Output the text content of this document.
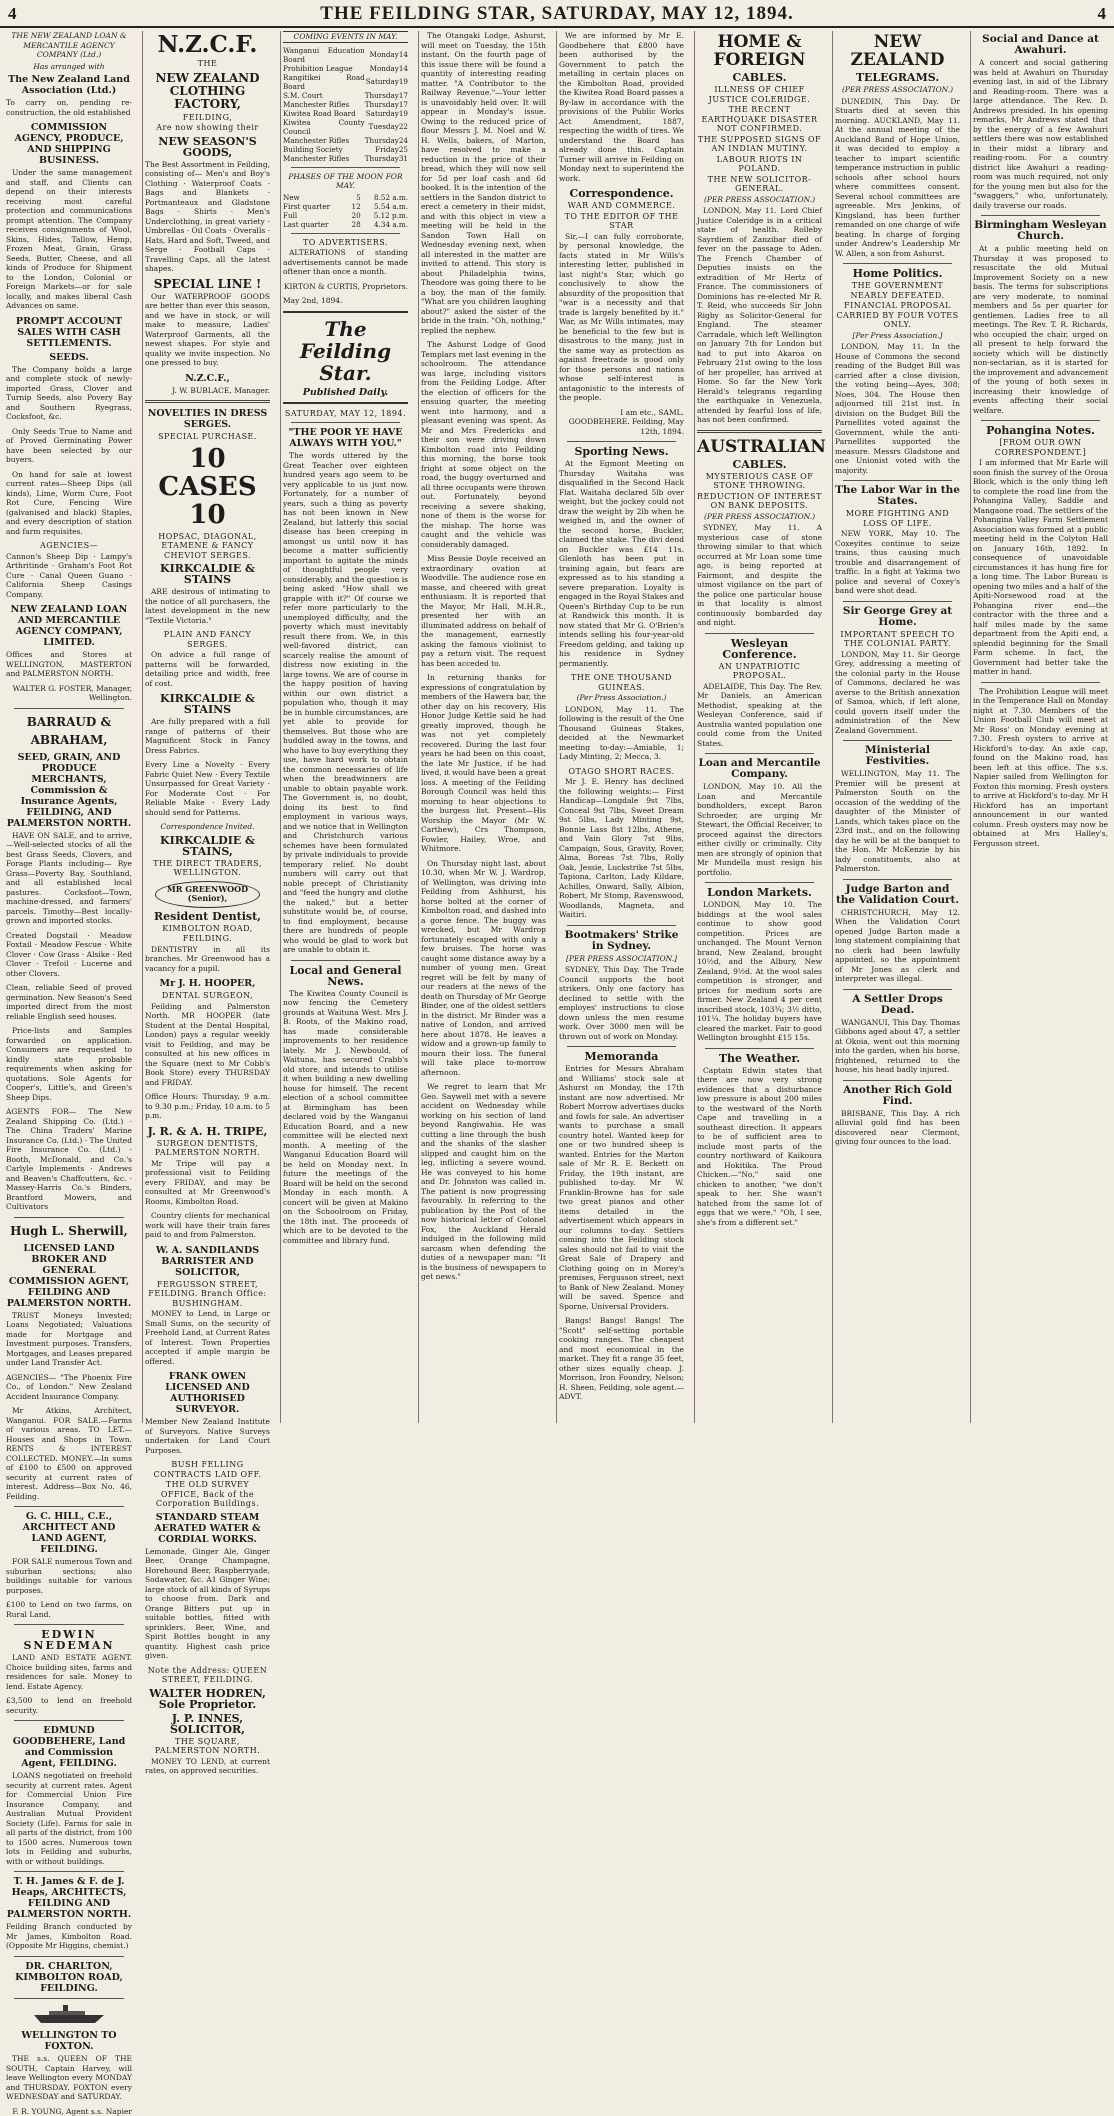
4	THE FEILDING STAR, SATURDAY, MAY 12, 1894.	4
THE NEW ZEALAND LOAN & MERCANTILE AGENCY COMPANY (Ltd.)
Has arranged with
The New Zealand Land Association (Ltd.)
To carry on, pending re-construction, the old established
COMMISSION AGENCY, PRODUCE, AND SHIPPING BUSINESS.
Under the same management and staff, and Clients can depend on their interests receiving most careful protection and communications prompt attention. The Company receives consignments of Wool, Skins, Hides, Tallow, Hemp, Frozen Meat, Grain, Grass Seeds, Butter, Cheese, and all kinds of Produce for Shipment to the London, Colonial or Foreign Markets—or for sale locally, and makes liberal Cash Advances on same.
PROMPT ACCOUNT SALES WITH CASH SETTLEMENTS.
SEEDS.
The Company holds a large and complete stock of newly-imported Grass, Clover and Turnip Seeds, also Povery Bay and Southern Ryegrass, Cocksfoot, &c.
Only Seeds True to Name and of Proved Germinating Power have been selected by our buyers.
On hand for sale at lowest current rates—Sheep Dips (all kinds), Lime, Worm Cure, Foot Rot Cure, Fencing Wire (galvanised and black) Staples, and every description of station and farm requisites.
AGENCIES—
Cannon's Sheep Dip · Lampy's Arthritinde · Graham's Foot Rot Cure · Canal Queen Guano · California Sheep Casings Company.
NEW ZEALAND LOAN AND MERCANTILE AGENCY COMPANY, LIMITED.
Offices and Stores at WELLINGTON, MASTERTON and PALMERSTON NORTH.
WALTER G. FOSTER, Manager, Wellington.
BARRAUD & ABRAHAM,
SEED, GRAIN, AND PRODUCE MERCHANTS, Commission & Insurance Agents, FEILDING, AND PALMERSTON NORTH.
HAVE ON SALE, and to arrive,—Well-selected stocks of all the best Grass Seeds, Clovers, and Forage Plants including— Rye Grass—Poverty Bay, Southland, and all established local pastures. Cocksfoot—Town, machine-dressed, and farmers' parcels. Timothy—Best locally-grown and imported stocks.
Created Dogstail · Meadow Foxtail · Meadow Fescue · White Clover · Cow Grass · Alsike · Red Clover · Trefoil · Lucerne and other Clovers.
Clean, reliable Seed of proved germination. New Season's Seed imported direct from the most reliable English seed houses.
Price-lists and Samples forwarded on application. Consumers are requested to kindly state probable requirements when asking for quotations. Sole Agents for Cooper's, Little's, and Green's Sheep Dips.
AGENTS FOR— The New Zealand Shipping Co. (Ltd.) · The China Traders' Marine Insurance Co. (Ltd.) · The United Fire Insurance Co. (Ltd.) · Booth, McDonald, and Co.'s Carlyle Implements · Andrews and Beaven's Chaffcutters, &c. · Massey-Harris Co.'s Binders, Brantford Mowers, and Cultivators
Hugh L. Sherwill,
LICENSED LAND BROKER AND GENERAL COMMISSION AGENT, FEILDING AND PALMERSTON NORTH.
TRUST Moneys Invested; Loans Negotiated; Valuations made for Mortgage and Investment purposes. Transfers, Mortgages, and Leases prepared under Land Transfer Act.
AGENCIES— "The Phoenix Fire Co., of London." New Zealand Accident Insurance Company.
Mr Atkins, Architect, Wanganui. FOR SALE.—Farms of various areas. TO LET.—Houses and Shops in Town. RENTS & INTEREST COLLECTED. MONEY.—In sums of £100 to £500 on approved security at current rates of interest. Address—Box No. 46, Feilding.
G. C. HILL, C.E., ARCHITECT AND LAND AGENT, FEILDING.
FOR SALE numerous Town and suburban sections; also buildings suitable for various purposes.
£100 to Lend on two farms, on Rural Land.
EDWIN SNEDEMAN
LAND AND ESTATE AGENT. Choice building sites, farms and residences for sale. Money to lend. Estate Agency.
£3,500 to lend on freehold security.
EDMUND GOODBEHERE, Land and Commission Agent, FEILDING.
LOANS negotiated on freehold security at current rates. Agent for Commercial Union Fire Insurance Company, and Australian Mutual Provident Society (Life). Farms for sale in all parts of the district, from 100 to 1500 acres. Numerous town lots in Feilding and suburbs, with or without buildings.
T. H. James & F. de J. Heaps, ARCHITECTS, FEILDING AND PALMERSTON NORTH.
Feilding Branch conducted by Mr James, Kimbolton Road. (Opposite Mr Higgins, chemist.)
DR. CHARLTON, KIMBOLTON ROAD, FEILDING.
WELLINGTON TO FOXTON.
THE s.s. QUEEN OF THE SOUTH, Captain Harvey, will leave Wellington every MONDAY and THURSDAY. FOXTON every WEDNESDAY and SATURDAY.
F. R. YOUNG, Agent s.s. Napier
N.Z.C.F.
THE
NEW ZEALAND CLOTHING FACTORY,
FEILDING,
Are now showing their
NEW SEASON'S GOODS,
The Best Assortment in Feilding, consisting of— Men's and Boy's Clothing · Waterproof Coats · Bags and Blankets · Portmanteaux and Gladstone Bags · Shirts · Men's Underclothing, in great variety · Umbrellas · Oil Coats · Overalls · Hats, Hard and Soft, Tweed, and Serge · Football Caps · Travelling Caps, all the latest shapes.
SPECIAL LINE !
Our WATERPROOF GOODS are better than ever this season, and we have in stock, or will make to measure, Ladies' Waterproof Garments, all the newest shapes. For style and quality we invite inspection. No one pressed to buy.
N.Z.C.F.,
J. W. BUBLACE, Manager.
NOVELTIES IN DRESS SERGES.
SPECIAL PURCHASE.
10 CASES 10
HOPSAC, DIAGONAL, ETAMENE & FANCY CHEVIOT SERGES.
KIRKCALDIE & STAINS
ARE desirous of intimating to the notice of all purchasers, the latest development in the new "Textile Victoria."
PLAIN AND FANCY SERGES.
On advice a full range of patterns will be forwarded, detailing price and width, free of cost.
KIRKCALDIE & STAINS
Are fully prepared with a full range of patterns of their Magnificent Stock in Fancy Dress Fabrics.
Every Line a Novelty · Every Fabric Quiet New · Every Textile Unsurpassed for Great Variety · For Moderate Cost · For Reliable Make · Every Lady should send for Patterns.
Correspondence Invited.
KIRKCALDIE & STAINS,
THE DIRECT TRADERS, WELLINGTON.
MR GREENWOOD (Senior),
Resident Dentist,
KIMBOLTON ROAD,
FEILDING.
DENTISTRY in all its branches. Mr Greenwood has a vacancy for a pupil.
Mr J. H. HOOPER,
DENTAL SURGEON,
Feilding and Palmerston North. MR HOOPER (late Student at the Dental Hospital, London) pays a regular weekly visit to Feilding, and may be consulted at his new offices in the Square (next to Mr Cobb's Book Store) every THURSDAY and FRIDAY.
Office Hours: Thursday, 9 a.m. to 9.30 p.m.; Friday, 10 a.m. to 5 p.m.
J. R. & A. H. TRIPE,
SURGEON DENTISTS, PALMERSTON NORTH.
Mr Tripe will pay a professional visit to Feilding every FRIDAY, and may be consulted at Mr Greenwood's Rooms, Kimbolton Road.
Country clients for mechanical work will have their train fares paid to and from Palmerston.
W. A. SANDILANDS BARRISTER AND SOLICITOR,
FERGUSSON STREET, FEILDING. Branch Office: BUSHINGHAM.
MONEY to Lend, in Large or Small Sums, on the security of Freehold Land, at Current Rates of Interest. Town Properties accepted if ample margin be offered.
FRANK OWEN LICENSED AND AUTHORISED SURVEYOR.
Member New Zealand Institute of Surveyors. Native Surveys undertaken for Land Court Purposes.
BUSH FELLING CONTRACTS LAID OFF.
THE OLD SURVEY OFFICE, Back of the Corporation Buildings.
STANDARD STEAM AERATED WATER & CORDIAL WORKS.
Lemonade, Ginger Ale, Ginger Beer, Orange Champagne, Horehound Beer, Raspberryade, Sodawater, &c. A1 Ginger Wine; large stock of all kinds of Syrups to choose from. Dark and Orange Bitters put up in suitable bottles, fitted with sprinklers. Beer, Wine, and Spirit Bottles bought in any quantity. Highest cash price given.
Note the Address: QUEEN STREET, FEILDING.
WALTER HODREN, Sole Proprietor.
J. P. INNES, SOLICITOR,
THE SQUARE, PALMERSTON NORTH.
MONEY TO LEND, at current rates, on approved securities.
COMING EVENTS IN MAY.
Wanganui Education Board	Monday	14
Prohibition League	Monday	14
Rangitikei Road Board	Saturday	19
S.M. Court	Thursday	17
Manchester Rifles	Thursday	17
Kiwitea Road Board	Saturday	19
Kiwitea County Council	Tuesday	22
Manchester Rifles	Thursday	24
Building Society	Friday	25
Manchester Rifles	Thursday	31
PHASES OF THE MOON FOR MAY.
New	5	8.52 a.m.
First quarter	12	5.54 a.m.
Full	20	5.12 p.m.
Last quarter	28	4.34 a.m.
TO ADVERTISERS.
ALTERATIONS of standing advertisements cannot be made oftener than once a month.
KIRTON & CURTIS, Proprietors.
May 2nd, 1894.
The Feilding Star.
Published Daily.
SATURDAY, MAY 12, 1894.
"THE POOR YE HAVE ALWAYS WITH YOU."
The words uttered by the Great Teacher over eighteen hundred years ago seem to be very applicable to us just now. Fortunately, for a number of years, such a thing as poverty has not been known in New Zealand, but latterly this social disease has been creeping in amongst us until now it has become a matter sufficiently important to agitate the minds of thoughtful people very considerably, and the question is being asked "How shall we grapple with it?" Of course we refer more particularly to the unemployed difficulty, and the poverty which must inevitably result there from. We, in this well-favored district, can scarcely realise the amount of distress now existing in the large towns. We are of course in the happy position of having within our own district a population who, though it may be in humble circumstances, are yet able to provide for themselves. But those who are huddled away in the towns, and who have to buy everything they use, have hard work to obtain the common necessaries of life when the breadwinners are unable to obtain payable work. The Government is, no doubt, doing its best to find employment in various ways, and we notice that in Wellington and Christchurch various schemes have been formulated by private individuals to provide temporary relief. No doubt numbers will carry out that noble precept of Christianity and "feed the hungry and clothe the naked," but a better substitute would be, of course, to find employment, because there are hundreds of people who would be glad to work but are unable to obtain it.
Local and General News.
The Kiwitea County Council is now fencing the Cemetery grounds at Waituna West. Mrs J. B. Roots, of the Makino road, has made considerable improvements to her residence lately. Mr J. Newbould, of Waituna, has secured Crabb's old store, and intends to utilise it when building a new dwelling house for himself. The recent election of a school committee at Birmingham has been declared void by the Wanganui Education Board, and a new committee will be elected next month. A meeting of the Wanganui Education Board will be held on Monday next. In future the meetings of the Board will be held on the second Monday in each month. A concert will be given at Makino on the Schoolroom on Friday, the 18th inst. The proceeds of which are to be devoted to the committee and library fund.
The Otangaki Lodge, Ashurst, will meet on Tuesday, the 15th instant. On the fourth page of this issue there will be found a quantity of interesting reading matter. "A Contributor to the Railway Revenue."—Your letter is unavoidably held over. It will appear in Monday's issue. Owing to the reduced price of flour Messrs J. M. Noel and W. H. Wells, bakers, of Marton, have resolved to make a reduction in the price of their bread, which they will now sell for 5d per loaf cash and 6d booked. It is the intention of the settlers in the Sandon district to erect a cemetery in their midst, and with this object in view a meeting will be held in the Sandon Town Hall on Wednesday evening next, when all interested in the matter are invited to attend. This story is about Philadelphia twins, Theodore was going there to be a boy, the man of the family. "What are you children laughing about?" asked the sister of the bride in the train. "Oh, nothing," replied the nephew.
The Ashurst Lodge of Good Templars met last evening in the schoolroom. The attendance was large, including visitors from the Feilding Lodge. After the election of officers for the ensuing quarter, the meeting went into harmony, and a pleasant evening was spent. As Mr and Mrs Fredericks and their son were driving down Kimbolton road into Feilding this morning, the horse took fright at some object on the road, the buggy overturned and all three occupants were thrown out. Fortunately, beyond receiving a severe shaking, none of them is the worse for the mishap. The horse was caught and the vehicle was considerably damaged.
Miss Bessie Doyle received an extraordinary ovation at Woodville. The audience rose en masse, and cheered with great enthusiasm. It is reported that the Mayor, Mr Hall, M.H.R., presented her with an illuminated address on behalf of the management, earnestly asking the famous violinist to pay a return visit. The request has been acceded to.
In returning thanks for expressions of congratulation by members of the Hawera bar, the other day on his recovery, His Honor Judge Kettle said he had greatly improved, though he was not yet completely recovered. During the last four years he had been on this coast, the late Mr Justice, if he had lived, it would have been a great loss. A meeting of the Feilding Borough Council was held this morning to hear objections to the burgess list. Present—His Worship the Mayor (Mr W. Carthew), Crs Thompson, Fowler, Hailey, Wroe, and Whitmore.
On Thursday night last, about 10.30, when Mr W. J. Wardrop, of Wellington, was driving into Feilding from Ashhurst, his horse bolted at the corner of Kimbolton road, and dashed into a gorse fence. The buggy was wrecked, but Mr Wardrop fortunately escaped with only a few bruises. The horse was caught some distance away by a number of young men. Great regret will be felt by many of our readers at the news of the death on Thursday of Mr George Binder, one of the oldest settlers in the district. Mr Binder was a native of London, and arrived here about 1878. He leaves a widow and a grown-up family to mourn their loss. The funeral will take place to-morrow afternoon.
We regret to learn that Mr Geo. Saywell met with a severe accident on Wednesday while working on his section of land beyond Rangiwahia. He was cutting a line through the bush and the shanks of the slasher slipped and caught him on the leg, inflicting a severe wound. He was conveyed to his home and Dr. Johnston was called in. The patient is now progressing favourably. In referring to the publication by the Post of the now historical letter of Colonel Fox, the Auckland Herald indulged in the following mild sarcasm when defending the duties of a newspaper man: "It is the business of newspapers to get news."
We are informed by Mr E. Goodbehere that £800 have been authorised by the Government to patch the metalling in certain places on the Kimbolton Road, provided the Kiwitea Road Board passes a By-law in accordance with the provisions of the Public Works Act Amendment, 1887, respecting the width of tires. We understand the Board has already done this. Captain Turner will arrive in Feilding on Monday next to superintend the work.
Correspondence.
WAR AND COMMERCE.
TO THE EDITOR OF THE STAR
Sir,—I can fully corroborate, by personal knowledge, the facts stated in Mr Wills's interesting letter, published in last night's Star, which go conclusively to show the absurdity of the proposition that "war is a necessity and that trade is largely benefited by it." War, as Mr Wills intimates, may be beneficial to the few but is disastrous to the many, just in the same way as protection as against freetrade is good only for those persons and nations whose self-interest is antagonistic to the interests of the people.
I am etc., SAML. GOODBEHERE. Feilding, May 12th, 1894.
Sporting News.
At the Egmont Meeting on Thursday Waitaha was disqualified in the Second Hack Flat. Waitaha declared 5lb over weight, but the jockey could not draw the weight by 2lb when he weighed in, and the owner of the second horse, Buckler, claimed the stake. The divi dend on Buckler was £14 11s. Glenloth has been put in training again, but fears are expressed as to his standing a severe preparation. Loyalty is engaged in the Royal Stakes and Queen's Birthday Cup to be run at Randwick this month. It is now stated that Mr G. O'Brien's intends selling his four-year-old Freedom gelding, and taking up his residence in Sydney permanently.
THE ONE THOUSAND GUINEAS.
(Per Press Association.)
LONDON, May 11. The following is the result of the One Thousand Guineas Stakes, decided at the Newmarket meeting to-day:—Amiable, 1; Lady Minting, 2; Mecca, 3.
OTAGO SHORT RACES.
Mr J. E. Henry has declined the following weights:— First Handicap—Longdale 9st 7lbs, Conceal 9st 7lbs, Sweet Dream 9st 5lbs, Lady Minting 9st, Bonnie Lass 8st 12lbs, Athene, and Vain Glory 7st 9lbs, Campaign, Sous, Gravity, Rover, Alma, Boreas 7st 7lbs, Rolly Oak, Jessie, Luckstrike 7st 5lbs, Tapiona, Carlton, Lady Kildare, Achilles, Onward, Sally, Albion, Robert, Mr Stomp, Ravenswood, Woodlands, Magneta, and Waitiri.
Bootmakers' Strike in Sydney.
[PER PRESS ASSOCIATION.]
SYDNEY, This Day. The Trade Council supports the boot strikers. Only one factory has declined to settle with the employes' instructions to close down unless the men resume work. Over 3000 men will be thrown out of work on Monday.
Memoranda
Entries for Messrs Abraham and Williams' stock sale at Ashurst on Monday, the 17th instant are now advertised. Mr Robert Morrow advertises ducks and fowls for sale. An advertiser wants to purchase a small country hotel. Wanted keep for one or two hundred sheep is wanted. Entries for the Marton sale of Mr R. E. Beckett on Friday, the 19th instant, are published to-day. Mr W. Franklin-Browne has for sale two great pianos and other items detailed in the advertisement which appears in our columns to-day. Settlers coming into the Feilding stock sales should not fail to visit the Great Sale of Drapery and Clothing going on in Morey's premises, Fergusson street, next to Bank of New Zealand. Money will be saved. Spence and Sporne, Universal Providers.
Bangs! Bangs! Bangs! The "Scott" self-setting portable cooking ranges. The cheapest and most economical in the market. They fit a range 35 feet, other sizes equally cheap. J. Morrison, Iron Foundry, Nelson; H. Sheen, Feilding, sole agent.—ADVT.
HOME & FOREIGN
CABLES.
ILLNESS OF CHIEF JUSTICE COLERIDGE.
THE RECENT EARTHQUAKE DISASTER NOT CONFIRMED.
THE SUPPOSED SIGNS OF AN INDIAN MUTINY.
LABOUR RIOTS IN POLAND.
THE NEW SOLICITOR-GENERAL.
(PER PRESS ASSOCIATION.)
LONDON, May 11. Lord Chief Justice Coleridge is in a critical state of health. Rolleby Sayrdiem of Zanzibar died of fever on the passage to Aden. The French Chamber of Deputies insists on the extradition of Mr Hertz of France. The commissioners of Dominions has re-elected Mr R. T. Reid, who succeeds Sir John Rigby as Solicitor-General for England. The steamer Carradale, which left Wellington on January 7th for London but had to put into Akaroa on February 21st owing to the loss of her propeller, has arrived at Home. So far the New York Herald's telegrams regarding the earthquake in Venezuela, attended by fearful loss of life, has not been confirmed.
AUSTRALIAN
CABLES.
MYSTERIOUS CASE OF STONE THROWING.
REDUCTION OF INTEREST ON BANK DEPOSITS.
(PER PRESS ASSOCIATION.)
SYDNEY, May 11. A mysterious case of stone throwing similar to that which occurred at Mr Loan some time ago, is being reported at Fairmont, and despite the utmost vigilance on the part of the police one particular house in that locality is almost continuously bombarded day and night.
Wesleyan Conference.
AN UNPATRIOTIC PROPOSAL.
ADELAIDE, This Day. The Rev. Mr Daniels, an American Methodist, speaking at the Wesleyan Conference, said if Australia wanted population one could come from the United States.
Loan and Mercantile Company.
LONDON, May 10. All the Loan and Mercantile bondholders, except Baron Schroeder, are urging Mr Stewart, the Official Receiver, to proceed against the directors either civilly or criminally. City men are strongly of opinion that Mr Mundella must resign his portfolio.
London Markets.
LONDON, May 10. The biddings at the wool sales continue to show good competition. Prices are unchanged. The Mount Vernon brand, New Zealand, brought 10½d, and the Albury, New Zealand, 9½d. At the wool sales competition is stronger, and prices for medium sorts are firmer. New Zealand 4 per cent inscribed stock, 103¾; 3½ ditto, 101¼. The holiday buyers have cleared the market. Fair to good Wellington broughht £15 15s.
The Weather.
Captain Edwin states that there are now very strong evidences that a disturbance low pressure is about 200 miles to the westward of the North Cape and travelling in a southeast direction. It appears to be of sufficient area to include most parts of the country northward of Kaikoura and Hokitika. The Proud Chicken.—"No," said one chicken to another, "we don't speak to her. She wasn't hatched from the same lot of eggs that we were." "Oh, I see, she's from a different set."
NEW ZEALAND
TELEGRAMS.
(PER PRESS ASSOCIATION.)
DUNEDIN, This Day. Dr Stuarts died at seven this morning. AUCKLAND, May 11. At the annual meeting of the Auckland Band of Hope Union, it was decided to employ a teacher to impart scientific temperance instruction in public schools after school hours where committees consent. Several school committees are agreeable. Mrs Jenkins, of Kingsland, has been further remanded on one charge of wife beating. In charge of forging under Andrew's Leadership Mr W. Allen, a son from Ashurst.
Home Politics.
THE GOVERNMENT NEARLY DEFEATED.
FINANCIAL PROPOSAL CARRIED BY FOUR VOTES ONLY.
[Per Press Association.]
LONDON, May 11. In the House of Commons the second reading of the Budget Bill was carried after a close division, the voting being—Ayes, 308; Noes, 304. The House then adjourned till 21st inst. In division on the Budget Bill the Parnellites voted against the Government, while the anti-Parnellites supported the measure. Messrs Gladstone and one Unionist voted with the majority.
The Labor War in the States.
MORE FIGHTING AND LOSS OF LIFE.
NEW YORK, May 10. The Coxeyites continue to seize trains, thus causing much trouble and disarrangement of traffic. In a fight at Yakima two police and several of Coxey's band were shot dead.
Sir George Grey at Home.
IMPORTANT SPEECH TO THE COLONIAL PARTY.
LONDON, May 11. Sir George Grey, addressing a meeting of the colonial party in the House of Commons, declared he was averse to the British annexation of Samoa, which, if left alone, could govern itself under the administration of the New Zealand Government.
Ministerial Festivities.
WELLINGTON, May 11. The Premier will be present at Palmerston South on the occasion of the wedding of the daughter of the Minister of Lands, which takes place on the 23rd inst., and on the following day he will be at the banquet to the Hon. Mr McKenzie by his lady constituents, also at Palmerston.
Judge Barton and the Validation Court.
CHRISTCHURCH, May 12. When the Validation Court opened Judge Barton made a long statement complaining that no clerk had been lawfully appointed, so the appointment of Mr Jones as clerk and interpreter was illegal.
A Settler Drops Dead.
WANGANUI, This Day. Thomas Gibbons aged about 47, a settler at Okoia, went out this morning into the garden, when his horse, frightened, returned to the house, his head badly injured.
Another Rich Gold Find.
BRISBANE, This Day. A rich alluvial gold find has been discovered near Clermont, giving four ounces to the load.
Social and Dance at Awahuri.
A concert and social gathering was held at Awahuri on Thursday evening last, in aid of the Library and Reading-room. There was a large attendance. The Rev. D. Andrews presided. In his opening remarks, Mr Andrews stated that by the energy of a few Awahuri settlers there was now established in their midst a library and reading-room. For a country district like Awahuri a reading-room was much required, not only for the young men but also for the "swaggers," who, unfortunately, daily traverse our roads.
Birmingham Wesleyan Church.
At a public meeting held on Thursday it was proposed to resuscitate the old Mutual Improvement Society on a new basis. The terms for subscriptions are very moderate, to nominal members and 5s per quarter for gentlemen. Ladies free to all meetings. The Rev. T. R. Richards, who occupied the chair, urged on all present to help forward the society which will be distinctly non-sectarian, as it is started for the improvement and advancement of the young of both sexes in increasing their knowledge of events affecting their social welfare.
Pohangina Notes.
[FROM OUR OWN CORRESPONDENT.]
I am informed that Mr Earle will soon finish the survey of the Oroua Block, which is the only thing left to complete the road line from the Pohangina Valley, Saddle and Mangaone road. The settlers of the Pohangina Valley Farm Settlement Association was formed at a public meeting held in the Colyton Hall on January 16th, 1892. In consequence of unavoidable circumstances it has hung fire for a long time. The Labor Bureau is opening two miles and a half of the Apiti-Norsewood road at the Pohangina river end—the contractor with the three and a half miles made by the same department from the Apiti end, a splendid beginning for the Small Farm scheme. In fact, the Government had better take the matter in hand.
The Prohibition League will meet in the Temperance Hall on Monday night at 7.30. Members of the Union Football Club will meet at Mr Ross' on Monday evening at 7.30. Fresh oysters to arrive at Hickford's to-day. An axle cap, found on the Makino road, has been left at this office. The s.s. Napier sailed from Wellington for Foxton this morning. Fresh oysters to arrive at Hickford's to-day. Mr H Hickford has an important announcement in our wanted column. Fresh oysters may now be obtained at Mrs Halley's, Fergusson street.
